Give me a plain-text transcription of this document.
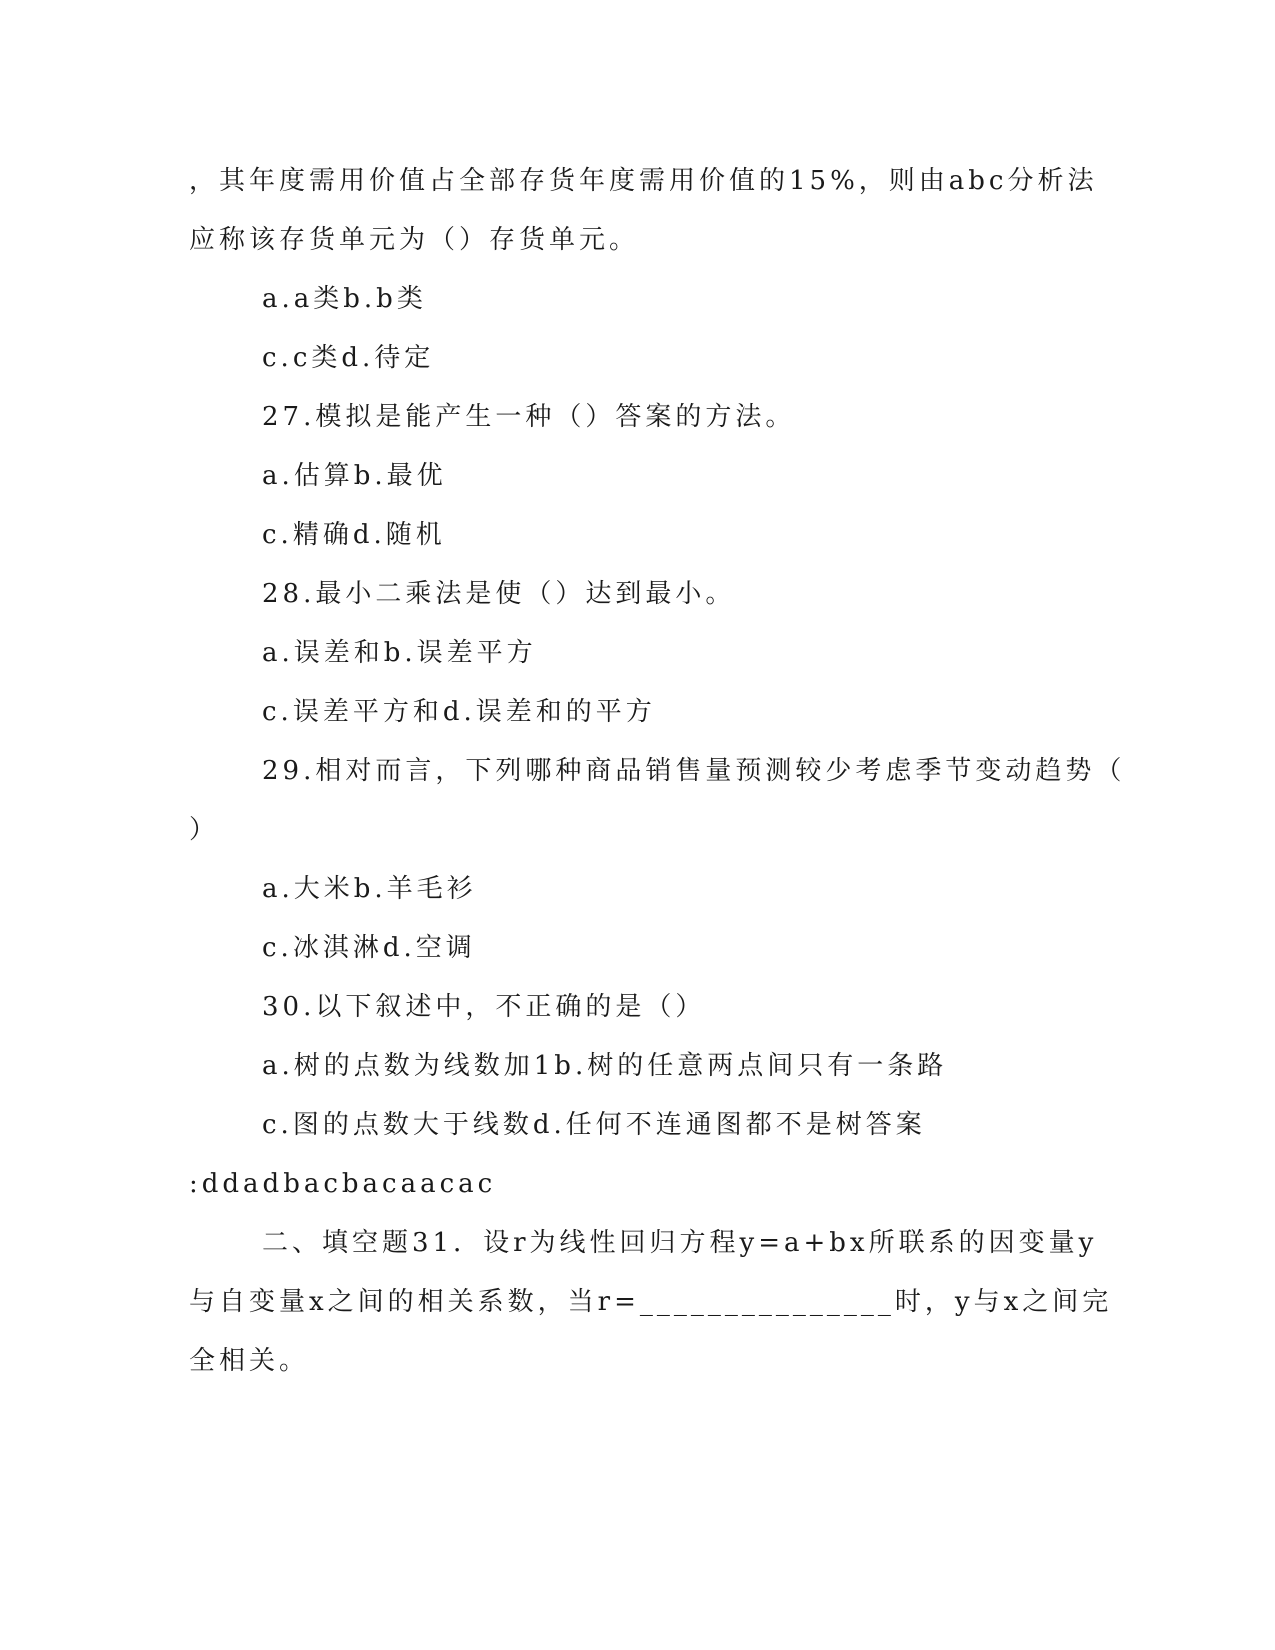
，其年度需用价值占全部存货年度需用价值的15%，则由abc分析法
应称该存货单元为（）存货单元。
a.a类b.b类
c.c类d.待定
27.模拟是能产生一种（）答案的方法。
a.估算b.最优
c.精确d.随机
28.最小二乘法是使（）达到最小。
a.误差和b.误差平方
c.误差平方和d.误差和的平方
29.相对而言，下列哪种商品销售量预测较少考虑季节变动趋势（
）
a.大米b.羊毛衫
c.冰淇淋d.空调
30.以下叙述中，不正确的是（）
a.树的点数为线数加1b.树的任意两点间只有一条路
c.图的点数大于线数d.任何不连通图都不是树答案
:ddadbacbacaacac
二、填空题31．设r为线性回归方程y=a+bx所联系的因变量y
与自变量x之间的相关系数，当r=_______________时，y与x之间完
全相关。
